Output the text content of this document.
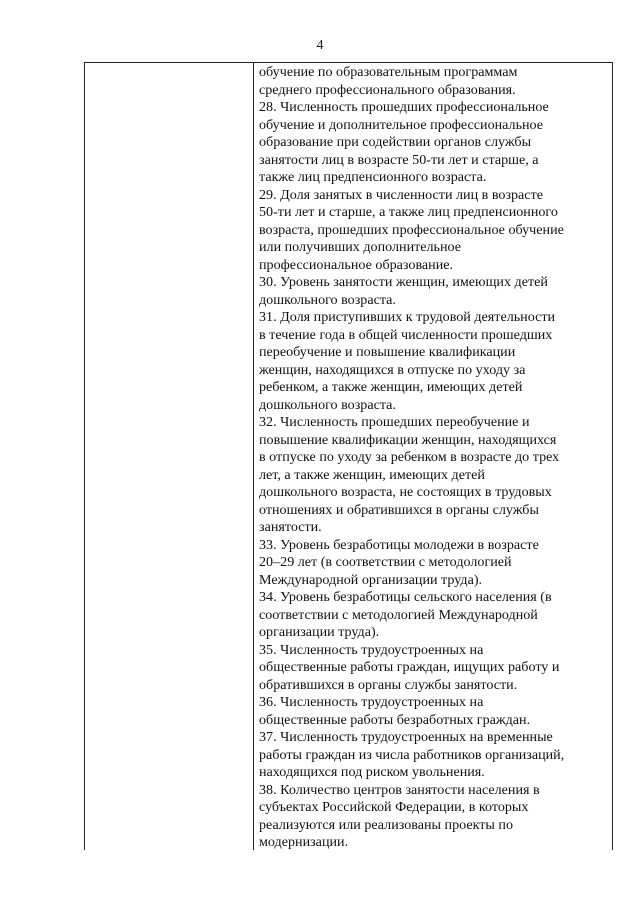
4
обучение по образовательным программам
среднего профессионального образования.
28. Численность прошедших профессиональное
обучение и дополнительное профессиональное
образование при содействии органов службы
занятости лиц в возрасте 50-ти лет и старше, а
также лиц предпенсионного возраста.
29. Доля занятых в численности лиц в возрасте
50-ти лет и старше, а также лиц предпенсионного
возраста, прошедших профессиональное обучение
или получивших дополнительное
профессиональное образование.
30. Уровень занятости женщин, имеющих детей
дошкольного возраста.
31. Доля приступивших к трудовой деятельности
в течение года в общей численности прошедших
переобучение и повышение квалификации
женщин, находящихся в отпуске по уходу за
ребенком, а также женщин, имеющих детей
дошкольного возраста.
32. Численность прошедших переобучение и
повышение квалификации женщин, находящихся
в отпуске по уходу за ребенком в возрасте до трех
лет, а также женщин, имеющих детей
дошкольного возраста, не состоящих в трудовых
отношениях и обратившихся в органы службы
занятости.
33. Уровень безработицы молодежи в возрасте
20–29 лет (в соответствии с методологией
Международной организации труда).
34. Уровень безработицы сельского населения (в
соответствии с методологией Международной
организации труда).
35. Численность трудоустроенных на
общественные работы граждан, ищущих работу и
обратившихся в органы службы занятости.
36. Численность трудоустроенных на
общественные работы безработных граждан.
37. Численность трудоустроенных на временные
работы граждан из числа работников организаций,
находящихся под риском увольнения.
38. Количество центров занятости населения в
субъектах Российской Федерации, в которых
реализуются или реализованы проекты по
модернизации.
